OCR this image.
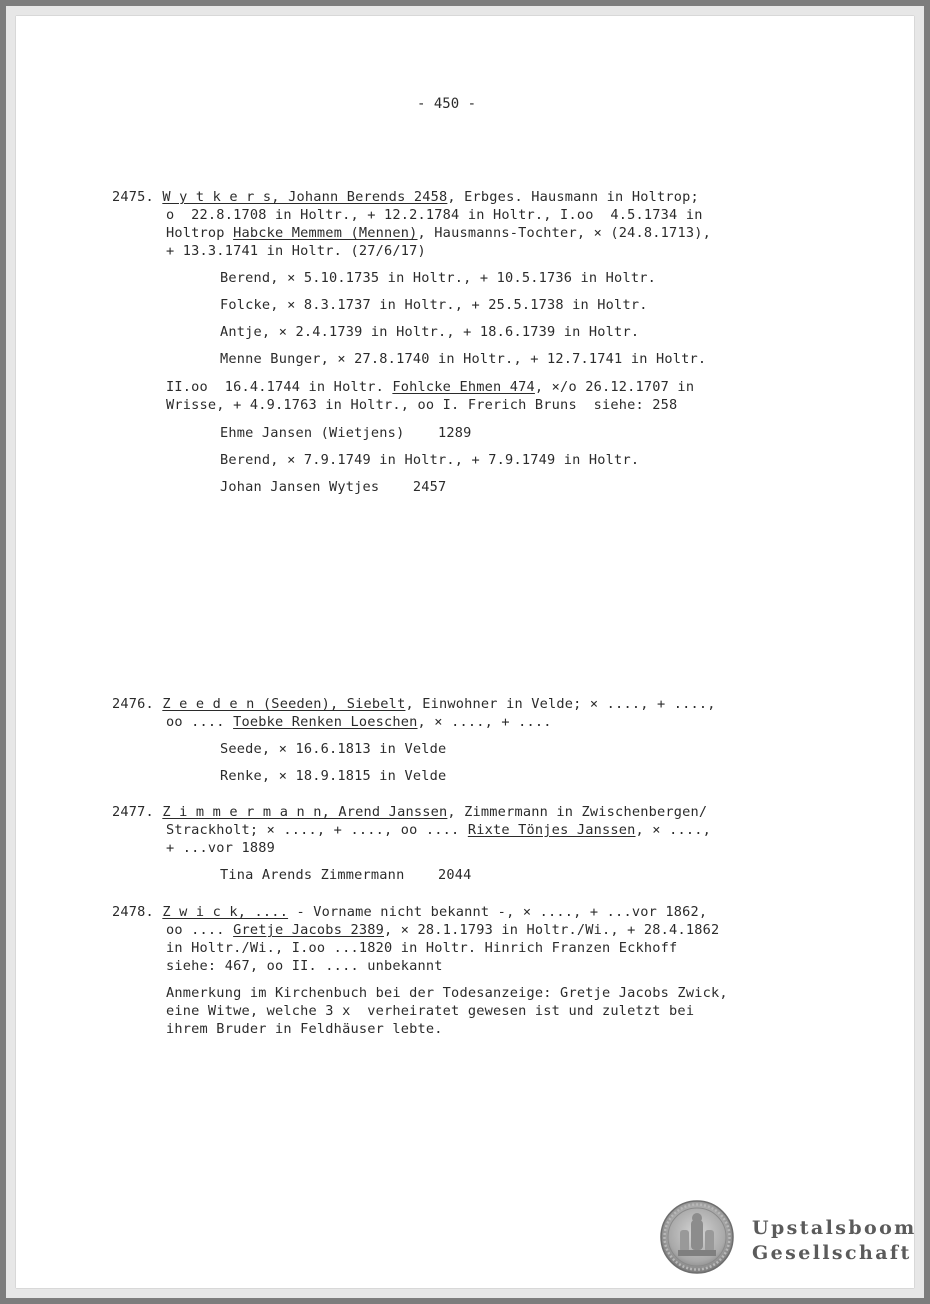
- 450 -
2475. W y t k e r s, Johann Berends 2458, Erbges. Hausmann in Holtrop;
o  22.8.1708 in Holtr., + 12.2.1784 in Holtr., I.oo  4.5.1734 in
Holtrop Habcke Memmem (Mennen), Hausmanns-Tochter, × (24.8.1713),
+ 13.3.1741 in Holtr. (27/6/17)
Berend, × 5.10.1735 in Holtr., + 10.5.1736 in Holtr.
Folcke, × 8.3.1737 in Holtr., + 25.5.1738 in Holtr.
Antje, × 2.4.1739 in Holtr., + 18.6.1739 in Holtr.
Menne Bunger, × 27.8.1740 in Holtr., + 12.7.1741 in Holtr.
II.oo  16.4.1744 in Holtr. Fohlcke Ehmen 474, ×/o 26.12.1707 in
Wrisse, + 4.9.1763 in Holtr., oo I. Frerich Bruns  siehe: 258
Ehme Jansen (Wietjens)    1289
Berend, × 7.9.1749 in Holtr., + 7.9.1749 in Holtr.
Johan Jansen Wytjes    2457
2476. Z e e d e n (Seeden), Siebelt, Einwohner in Velde; × ...., + ....,
oo .... Toebke Renken Loeschen, × ...., + ....
Seede, × 16.6.1813 in Velde
Renke, × 18.9.1815 in Velde
2477. Z i m m e r m a n n, Arend Janssen, Zimmermann in Zwischenbergen/
Strackholt; × ...., + ...., oo .... Rixte Tönjes Janssen, × ....,
+ ...vor 1889
Tina Arends Zimmermann    2044
2478. Z w i c k, .... - Vorname nicht bekannt -, × ...., + ...vor 1862,
oo .... Gretje Jacobs 2389, × 28.1.1793 in Holtr./Wi., + 28.4.1862
in Holtr./Wi., I.oo ...1820 in Holtr. Hinrich Franzen Eckhoff
siehe: 467, oo II. .... unbekannt
Anmerkung im Kirchenbuch bei der Todesanzeige: Gretje Jacobs Zwick,
eine Witwe, welche 3 x  verheiratet gewesen ist und zuletzt bei
ihrem Bruder in Feldhäuser lebte.
Upstalsboom
Gesellschaft
